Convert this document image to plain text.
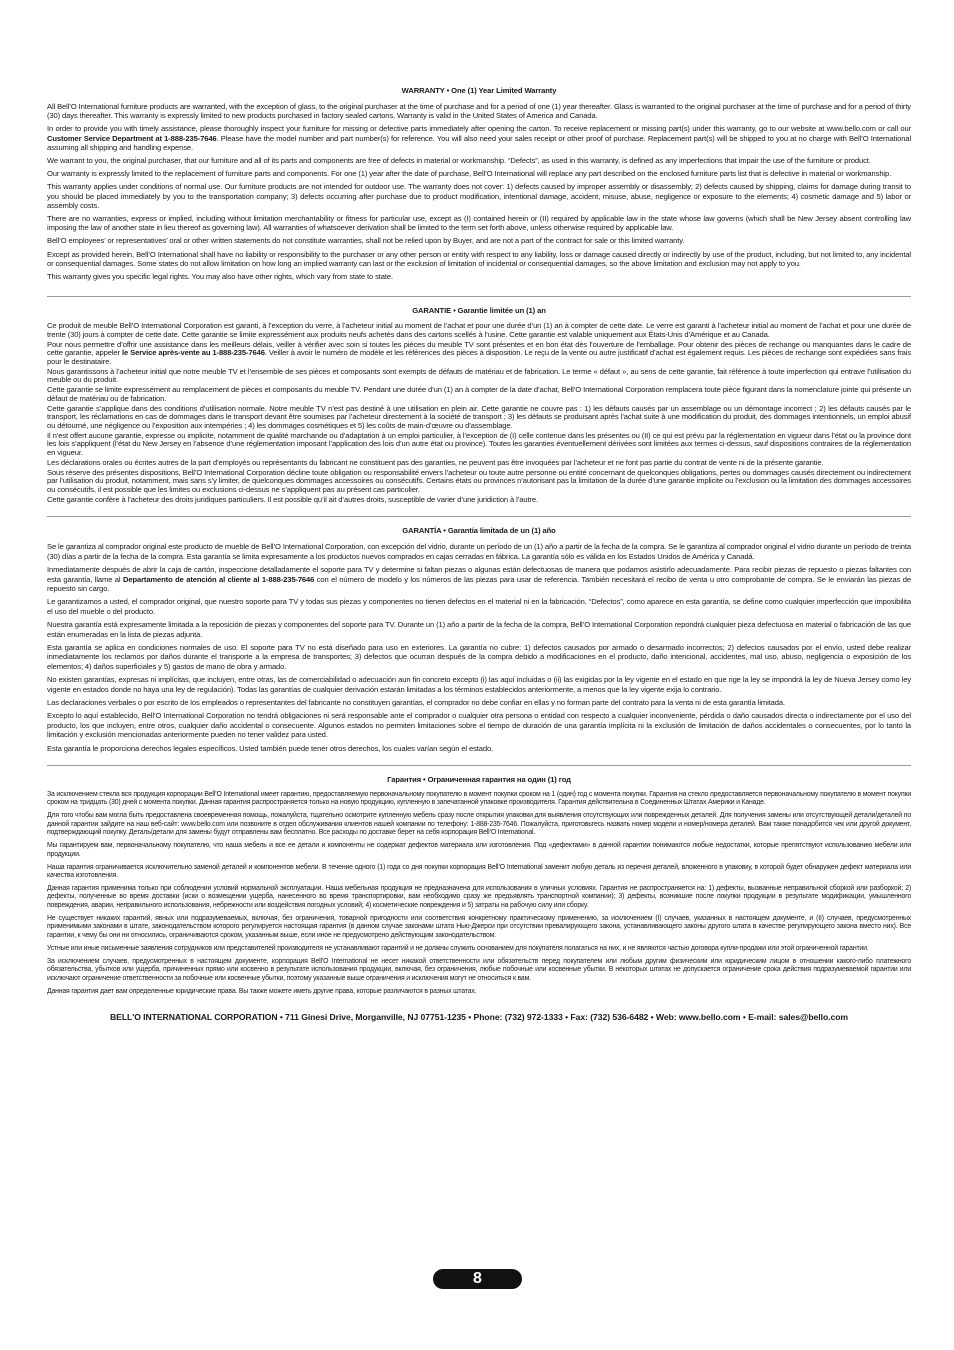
WARRANTY • One (1) Year Limited Warranty

All Bell’O International furniture products are warranted, with the exception of glass, to the original purchaser at the time of purchase and for a period of one (1) year thereafter. Glass is warranted to the original purchaser at the time of purchase and for a period of thirty (30) days thereafter. This warranty is expressly limited to new products purchased in factory sealed cartons. Warranty is valid in the United States of America and Canada.

In order to provide you with timely assistance, please thoroughly inspect your furniture for missing or defective parts immediately after opening the carton. To receive replacement or missing part(s) under this warranty, go to our website at www.bello.com or call our Customer Service Department at 1-888-235-7646. Please have the model number and part number(s) for reference. You will also need your sales receipt or other proof of purchase. Replacement part(s) will be shipped to you at no charge with Bell’O International assuming all shipping and handling expense.

We warrant to you, the original purchaser, that our furniture and all of its parts and components are free of defects in material or workmanship. “Defects”, as used in this warranty, is defined as any imperfections that impair the use of the furniture or product.

Our warranty is expressly limited to the replacement of furniture parts and components. For one (1) year after the date of purchase, Bell’O International will replace any part described on the enclosed furniture parts list that is defective in material or workmanship.

This warranty applies under conditions of normal use. Our furniture products are not intended for outdoor use. The warranty does not cover: 1) defects caused by improper assembly or disassembly; 2) defects caused by shipping, claims for damage during transit to you should be placed immediately by you to the transportation company; 3) defects occurring after purchase due to product modification, intentional damage, accident, misuse, abuse, negligence or exposure to the elements; 4) cosmetic damage and 5) labor or assembly costs.

There are no warranties, express or implied, including without limitation merchantability or fitness for particular use, except as (I) contained herein or (II) required by applicable law in the state whose law governs (which shall be New Jersey absent controlling law imposing the law of another state in lieu thereof as governing law). All warranties of whatsoever derivation shall be limited to the term set forth above, unless otherwise required by applicable law.

Bell’O employees’ or representatives’ oral or other written statements do not constitute warranties, shall not be relied upon by Buyer, and are not a part of the contract for sale or this limited warranty.

Except as provided herein, Bell’O International shall have no liability or responsibility to the purchaser or any other person or entity with respect to any liability, loss or damage caused directly or indirectly by use of the product, including, but not limited to, any incidental or consequential damages. Some states do not allow limitation on how long an implied warranty can last or the exclusion of limitation of incidental or consequential damages, so the above limitation and exclusion may not apply to you.

This warranty gives you specific legal rights. You may also have other rights, which vary from state to state.

GARANTIE • Garantie limitée un (1) an

Ce produit de meuble Bell’O International Corporation est garanti, à l’exception du verre, à l’acheteur initial au moment de l’achat et pour une durée d’un (1) an à compter de cette date. Le verre est garanti à l’acheteur initial au moment de l’achat et pour une durée de trente (30) jours à compter de cette date. Cette garantie se limite expressément aux produits neufs achetés dans des cartons scellés à l’usine. Cette garantie est valable uniquement aux États-Unis d’Amérique et au Canada.

Pour nous permettre d’offrir une assistance dans les meilleurs délais, veiller à vérifier avec soin si toutes les pièces du meuble TV sont présentes et en bon état dès l’ouverture de l’emballage. Pour obtenir des pièces de rechange ou manquantes dans le cadre de cette garantie, appeler le Service après-vente au 1-888-235-7646. Veiller à avoir le numéro de modèle et les références des pièces à disposition. Le reçu de la vente ou autre justificatif d’achat est également requis. Les pièces de rechange sont expédiées sans frais pour le destinataire.

Nous garantissons à l’acheteur initial que notre meuble TV et l’ensemble de ses pièces et composants sont exempts de défauts de matériau et de fabrication. Le terme « défaut », au sens de cette garantie, fait référence à toute imperfection qui entrave l’utilisation du meuble ou du produit.

Cette garantie se limite expressément au remplacement de pièces et composants du meuble TV. Pendant une durée d’un (1) an à compter de la date d’achat, Bell’O International Corporation remplacera toute pièce figurant dans la nomenclature jointe qui présente un défaut de matériau ou de fabrication.

Cette garantie s’applique dans des conditions d’utilisation normale. Notre meuble TV n’est pas destiné à une utilisation en plein air. Cette garantie ne couvre pas : 1) les défauts causés par un assemblage ou un démontage incorrect ; 2) les défauts causés par le transport, les réclamations en cas de dommages dans le transport devant être soumises par l’acheteur directement à la société de transport ; 3) les défauts se produisant après l’achat suite à une modification du produit, des dommages intentionnels, un emploi abusif ou détourné, une négligence ou l’exposition aux intempéries ; 4) les dommages cosmétiques et 5) les coûts de main-d’œuvre ou d’assemblage.

Il n’est offert aucune garantie, expresse ou implicite, notamment de qualité marchande ou d’adaptation à un emploi particulier, à l’exception de (I) celle contenue dans les présentes ou (II) ce qui est prévu par la réglementation en vigueur dans l’état ou la province dont les lois s’appliquent (l’état du New Jersey en l’absence d’une réglementation imposant l’application des lois d’un autre état ou province). Toutes les garanties éventuellement dérivées sont limitées aux termes ci-dessus, sauf dispositions contraires de la réglementation en vigueur.

Les déclarations orales ou écrites autres de la part d’employés ou représentants du fabricant ne constituent pas des garanties, ne peuvent pas être invoquées par l’acheteur et ne font pas partie du contrat de vente ni de la présente garantie.

Sous réserve des présentes dispositions, Bell’O International Corporation décline toute obligation ou responsabilité envers l’acheteur ou toute autre personne ou entité concernant de quelconques obligations, pertes ou dommages causés directement ou indirectement par l’utilisation du produit, notamment, mais sans s’y limiter, de quelconques dommages accessoires ou consécutifs. Certains états ou provinces n’autorisant pas la limitation de la durée d’une garantie implicite ou l’exclusion ou la limitation des dommages accessoires ou consécutifs, il est possible que les limites ou exclusions ci-dessus ne s’appliquent pas au présent cas particulier.

Cette garantie confère à l’acheteur des droits juridiques particuliers. Il est possible qu’il ait d’autres droits, susceptible de varier d’une juridiction à l’autre.

GARANTÍA • Garantía limitada de un (1) año

Se le garantiza al comprador original este producto de mueble de Bell’O International Corporation, con excepción del vidrio, durante un período de un (1) año a partir de la fecha de la compra. Se le garantiza al comprador original el vidrio durante un período de treinta (30) días a partir de la fecha de la compra. Esta garantía se limita expresamente a los productos nuevos comprados en cajas cerradas en fábrica. La garantía sólo es válida en los Estados Unidos de América y Canadá.

Inmediatamente después de abrir la caja de cartón, inspeccione detalladamente el soporte para TV y determine si faltan piezas o algunas están defectuosas de manera que podamos asistirlo adecuadamente. Para recibir piezas de repuesto o piezas faltantes con esta garantía, llame al Departamento de atención al cliente al 1-888-235-7646 con el número de modelo y los números de las piezas para usar de referencia. También necesitará el recibo de venta u otro comprobante de compra. Se le enviarán las piezas de repuesto sin cargo.

Le garantizamos a usted, el comprador original, que nuestro soporte para TV y todas sus piezas y componentes no tienen defectos en el material ni en la fabricación. “Defectos”, como aparece en esta garantía, se define como cualquier imperfección que imposibilita el uso del mueble o del producto.

Nuestra garantía está expresamente limitada a la reposición de piezas y componentes del soporte para TV. Durante un (1) año a partir de la fecha de la compra, Bell’O International Corporation repondrá cualquier pieza defectuosa en material o fabricación de las que están enumeradas en la lista de piezas adjunta.

Esta garantía se aplica en condiciones normales de uso. El soporte para TV no está diseñado para uso en exteriores. La garantía no cubre: 1) defectos causados por armado o desarmado incorrectos; 2) defectos causados por el envío, usted debe realizar inmediatamente los reclamos por daños durante el transporte a la empresa de transportes; 3) defectos que ocurran después de la compra debido a modificaciones en el producto, daño intencional, accidentes, mal uso, abuso, negligencia o exposición de los elementos; 4) daños superficiales y 5) gastos de mano de obra y armado.

No existen garantías, expresas ni implícitas, que incluyen, entre otras, las de comerciabilidad o adecuación aun fin concreto excepto (i) las aquí incluidas o (ii) las exigidas por la ley vigente en el estado en que rige la ley se impondrá la ley de Nueva Jersey como ley vigente en estados donde no haya una ley de regulación). Todas las garantías de cualquier derivación estarán limitadas a los términos establecidos anteriormente, a menos que la ley vigente exija lo contrario.

Las declaraciones verbales o por escrito de los empleados o representantes del fabricante no constituyen garantías, el comprador no debe confiar en ellas y no forman parte del contrato para la venta ni de esta garantía limitada.

Excepto lo aquí establecido, Bell’O International Corporation no tendrá obligaciones ni será responsable ante el comprador o cualquier otra persona o entidad con respecto a cualquier inconveniente, pérdida o daño causados directa o indirectamente por el uso del producto, los que incluyen, entre otros, cualquier daño accidental o consecuente. Algunos estados no permiten limitaciones sobre el tiempo de duración de una garantía implícita ni la exclusión de limitación de daños accidentales o consecuentes, por lo tanto la limitación y exclusión mencionadas anteriormente pueden no tener validez para usted.

Esta garantía le proporciona derechos legales específicos. Usted también puede tener otros derechos, los cuales varían según el estado.

Гарантия • Ограниченная гарантия на один (1) год

За исключением стекла вся продукция корпорации Bell’O International имеет гарантию, предоставляемую первоначальному покупателю в момент покупки сроком на 1 (один) год с момента покупки. Гарантия на стекло предоставляется первоначальному покупателю в момент покупки сроком на тридцать (30) дней с момента покупки. Данная гарантия распространяется только на новую продукцию, купленную в запечатанной упаковке производителя. Гарантия действительна в Соединенных Штатах Америки и Канаде.

Для того чтобы вам могла быть предоставлена своевременная помощь, пожалуйста, тщательно осмотрите купленную мебель сразу после открытия упаковки для выявления отсутствующих или поврежденных деталей. Для получения замены или отсутствующей детали/деталей по данной гарантии зайдите на наш веб-сайт: www.bello.com или позвоните в отдел обслуживания клиентов нашей компании по телефону: 1-888-235-7646. Пожалуйста, приготовьтесь назвать номер модели и номер/номера деталей. Вам также понадобится чек или другой документ, подтверждающий покупку. Деталь/детали для замены будут отправлены вам бесплатно. Все расходы по доставке берет на себя корпорация Bell’O International.

Мы гарантируем вам, первоначальному покупателю, что наша мебель и все ее детали и компоненты не содержат дефектов материала или изготовления. Под «дефектами» в данной гарантии понимаются любые недостатки, которые препятствуют использованию мебели или продукции.

Наша гарантия ограничивается исключительно заменой деталей и компонентов мебели. В течение одного (1) года со дня покупки корпорация Bell’O International заменит любую деталь из перечня деталей, вложенного в упаковку, в которой будет обнаружен дефект материала или качества изготовления.

Данная гарантия применима только при соблюдении условий нормальной эксплуатации. Наша мебельная продукция не предназначена для использования в уличных условиях. Гарантия не распространяется на: 1) дефекты, вызванные неправильной сборкой или разборкой; 2) дефекты, полученные во время доставки (иски о возмещении ущерба, нанесенного во время транспортировки, вам необходимо сразу же предъявлять транспортной компании); 3) дефекты, возникшие после покупки продукции в результате модификации, умышленного повреждения, аварии, неправильного использования, небрежности или воздействия погодных условий; 4) косметические повреждения и 5) затраты на рабочую силу или сборку.

Не существует никаких гарантий, явных или подразумеваемых, включая, без ограничения, товарной пригодности или соответствия конкретному практическому применению, за исключением (I) случаев, указанных в настоящем документе, и (II) случаев, предусмотренных применимыми законами в штате, законодательством которого регулируется настоящая гарантия (в данном случае законами штата Нью-Джерси при отсутствии превалирующего закона, устанавливающего законы другого штата в качестве регулирующего закона вместо них). Все гарантии, к чему бы они ни относились, ограничиваются сроком, указанным выше, если иное не предусмотрено действующим законодательством.

Устные или иные письменные заявления сотрудников или представителей производителя не устанавливают гарантий и не должны служить основанием для покупателя полагаться на них, и не являются частью договора купли-продажи или этой ограниченной гарантии.

За исключением случаев, предусмотренных в настоящем документе, корпорация Bell’O International не несет никакой ответственности или обязательств перед покупателем или любым другим физическим или юридическим лицом в отношении какого-либо платежного обязательства, убытков или ущерба, причиненных прямо или косвенно в результате использования продукции, включая, без ограничения, любые побочные или косвенные убытки. В некоторых штатах не допускается ограничение срока действия подразумеваемой гарантии или исключают ограничение ответственности за побочные или косвенные убытки, поэтому указанные выше ограничения и исключения могут не относиться к вам.

Данная гарантия дает вам определенные юридические права. Вы также можете иметь другие права, которые различаются в разных штатах.

BELL'O INTERNATIONAL CORPORATION • 711 Ginesi Drive, Morganville, NJ 07751-1235 • Phone: (732) 972-1333 • Fax: (732) 536-6482 • Web: www.bello.com • E-mail: sales@bello.com
8
